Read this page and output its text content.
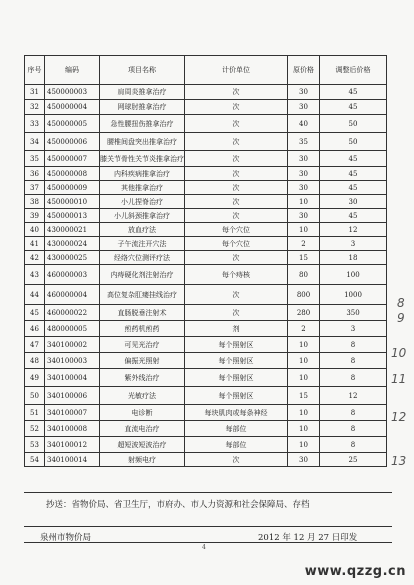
序号	编码	项目名称	计价单位	原价格	调整后价格
31	450000003	肩周炎推拿治疗	次	30	45
32	450000004	网球肘推拿治疗	次	30	45
33	450000005	急性腰扭伤推拿治疗	次	40	50
34	450000006	腰椎间盘突出推拿治疗	次	35	50
35	450000007	膝关节骨性关节炎推拿治疗	次	30	45
36	450000008	内科疾病推拿治疗	次	30	45
37	450000009	其他推拿治疗	次	30	45
38	450000010	小儿捏脊治疗	次	10	30
39	450000013	小儿斜颈推拿治疗	次	30	45
40	430000021	放血疗法	每个穴位	10	12
41	430000024	子午流注开穴法	每个穴位	2	3
42	430000025	经络穴位测评疗法	次	15	18
43	460000003	内痔硬化剂注射治疗	每个痔核	80	100
44	460000004	高位复杂肛瘘挂线治疗	次	800	1000
45	460000022	直肠脱垂注射术	次	280	350
46	480000005	煎药机煎药	剂	2	3
47	340100002	可见光治疗	每个照射区	10	8
48	340100003	偏振光照射	每个照射区	10	8
49	340100004	紫外线治疗	每个照射区	10	8
50	340100006	光敏疗法	每个照射区	15	12
51	340100007	电诊断	每块肌肉或每条神经	10	8
52	340100008	直流电治疗	每部位	10	8
53	340100012	超短波短波治疗	每部位	10	8
54	340100014	射频电疗	次	30	25
8
9
10
11
12
13
抄送：省物价局、省卫生厅，市府办、市人力资源和社会保障局、存档
泉州市物价局	2012 年 12 月 27 日印发
4
www.qzzg.cn
